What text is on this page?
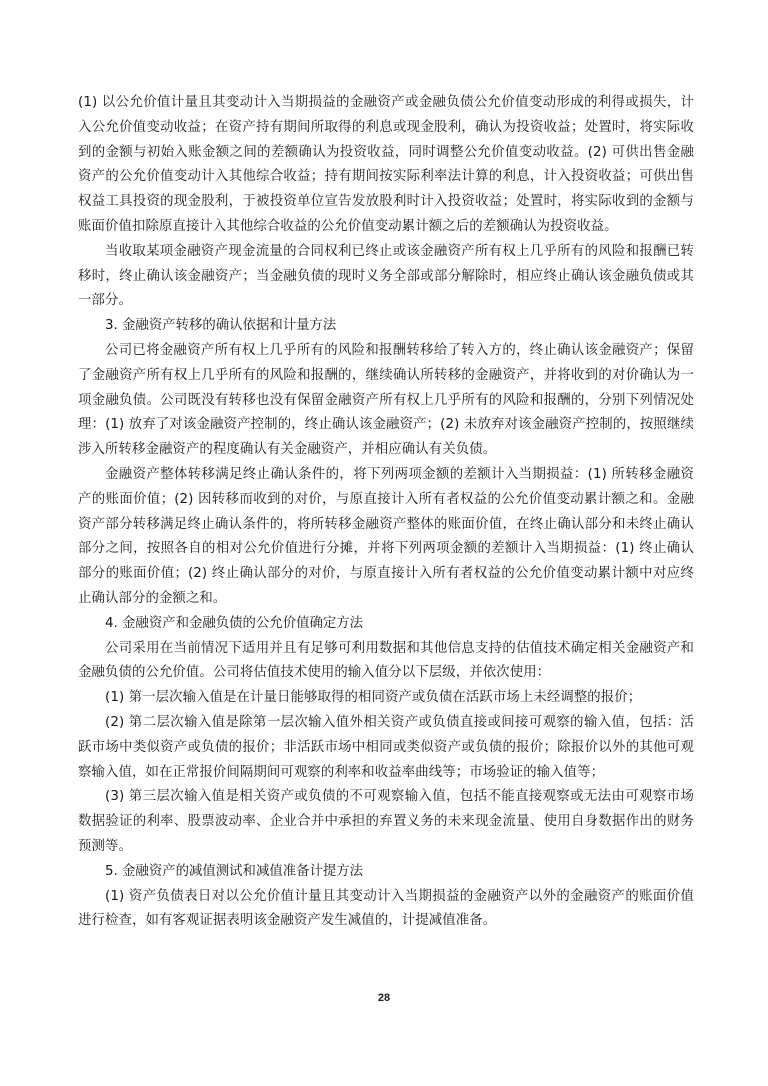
(1) 以公允价值计量且其变动计入当期损益的金融资产或金融负债公允价值变动形成的利得或损失，计入公允价值变动收益；在资产持有期间所取得的利息或现金股利，确认为投资收益；处置时，将实际收到的金额与初始入账金额之间的差额确认为投资收益，同时调整公允价值变动收益。(2) 可供出售金融资产的公允价值变动计入其他综合收益；持有期间按实际利率法计算的利息，计入投资收益；可供出售权益工具投资的现金股利，于被投资单位宣告发放股利时计入投资收益；处置时，将实际收到的金额与账面价值扣除原直接计入其他综合收益的公允价值变动累计额之后的差额确认为投资收益。

当收取某项金融资产现金流量的合同权利已终止或该金融资产所有权上几乎所有的风险和报酬已转移时，终止确认该金融资产；当金融负债的现时义务全部或部分解除时，相应终止确认该金融负债或其一部分。

3. 金融资产转移的确认依据和计量方法

公司已将金融资产所有权上几乎所有的风险和报酬转移给了转入方的，终止确认该金融资产；保留了金融资产所有权上几乎所有的风险和报酬的，继续确认所转移的金融资产，并将收到的对价确认为一项金融负债。公司既没有转移也没有保留金融资产所有权上几乎所有的风险和报酬的，分别下列情况处理：(1) 放弃了对该金融资产控制的，终止确认该金融资产；(2) 未放弃对该金融资产控制的，按照继续涉入所转移金融资产的程度确认有关金融资产，并相应确认有关负债。

金融资产整体转移满足终止确认条件的，将下列两项金额的差额计入当期损益：(1) 所转移金融资产的账面价值；(2) 因转移而收到的对价，与原直接计入所有者权益的公允价值变动累计额之和。金融资产部分转移满足终止确认条件的，将所转移金融资产整体的账面价值，在终止确认部分和未终止确认部分之间，按照各自的相对公允价值进行分摊，并将下列两项金额的差额计入当期损益：(1) 终止确认部分的账面价值；(2) 终止确认部分的对价，与原直接计入所有者权益的公允价值变动累计额中对应终止确认部分的金额之和。

4. 金融资产和金融负债的公允价值确定方法

公司采用在当前情况下适用并且有足够可利用数据和其他信息支持的估值技术确定相关金融资产和金融负债的公允价值。公司将估值技术使用的输入值分以下层级，并依次使用：

(1) 第一层次输入值是在计量日能够取得的相同资产或负债在活跃市场上未经调整的报价；

(2) 第二层次输入值是除第一层次输入值外相关资产或负债直接或间接可观察的输入值，包括：活跃市场中类似资产或负债的报价；非活跃市场中相同或类似资产或负债的报价；除报价以外的其他可观察输入值，如在正常报价间隔期间可观察的利率和收益率曲线等；市场验证的输入值等；

(3) 第三层次输入值是相关资产或负债的不可观察输入值，包括不能直接观察或无法由可观察市场数据验证的利率、股票波动率、企业合并中承担的弃置义务的未来现金流量、使用自身数据作出的财务预测等。

5. 金融资产的减值测试和减值准备计提方法

(1) 资产负债表日对以公允价值计量且其变动计入当期损益的金融资产以外的金融资产的账面价值进行检查，如有客观证据表明该金融资产发生减值的，计提减值准备。

28
